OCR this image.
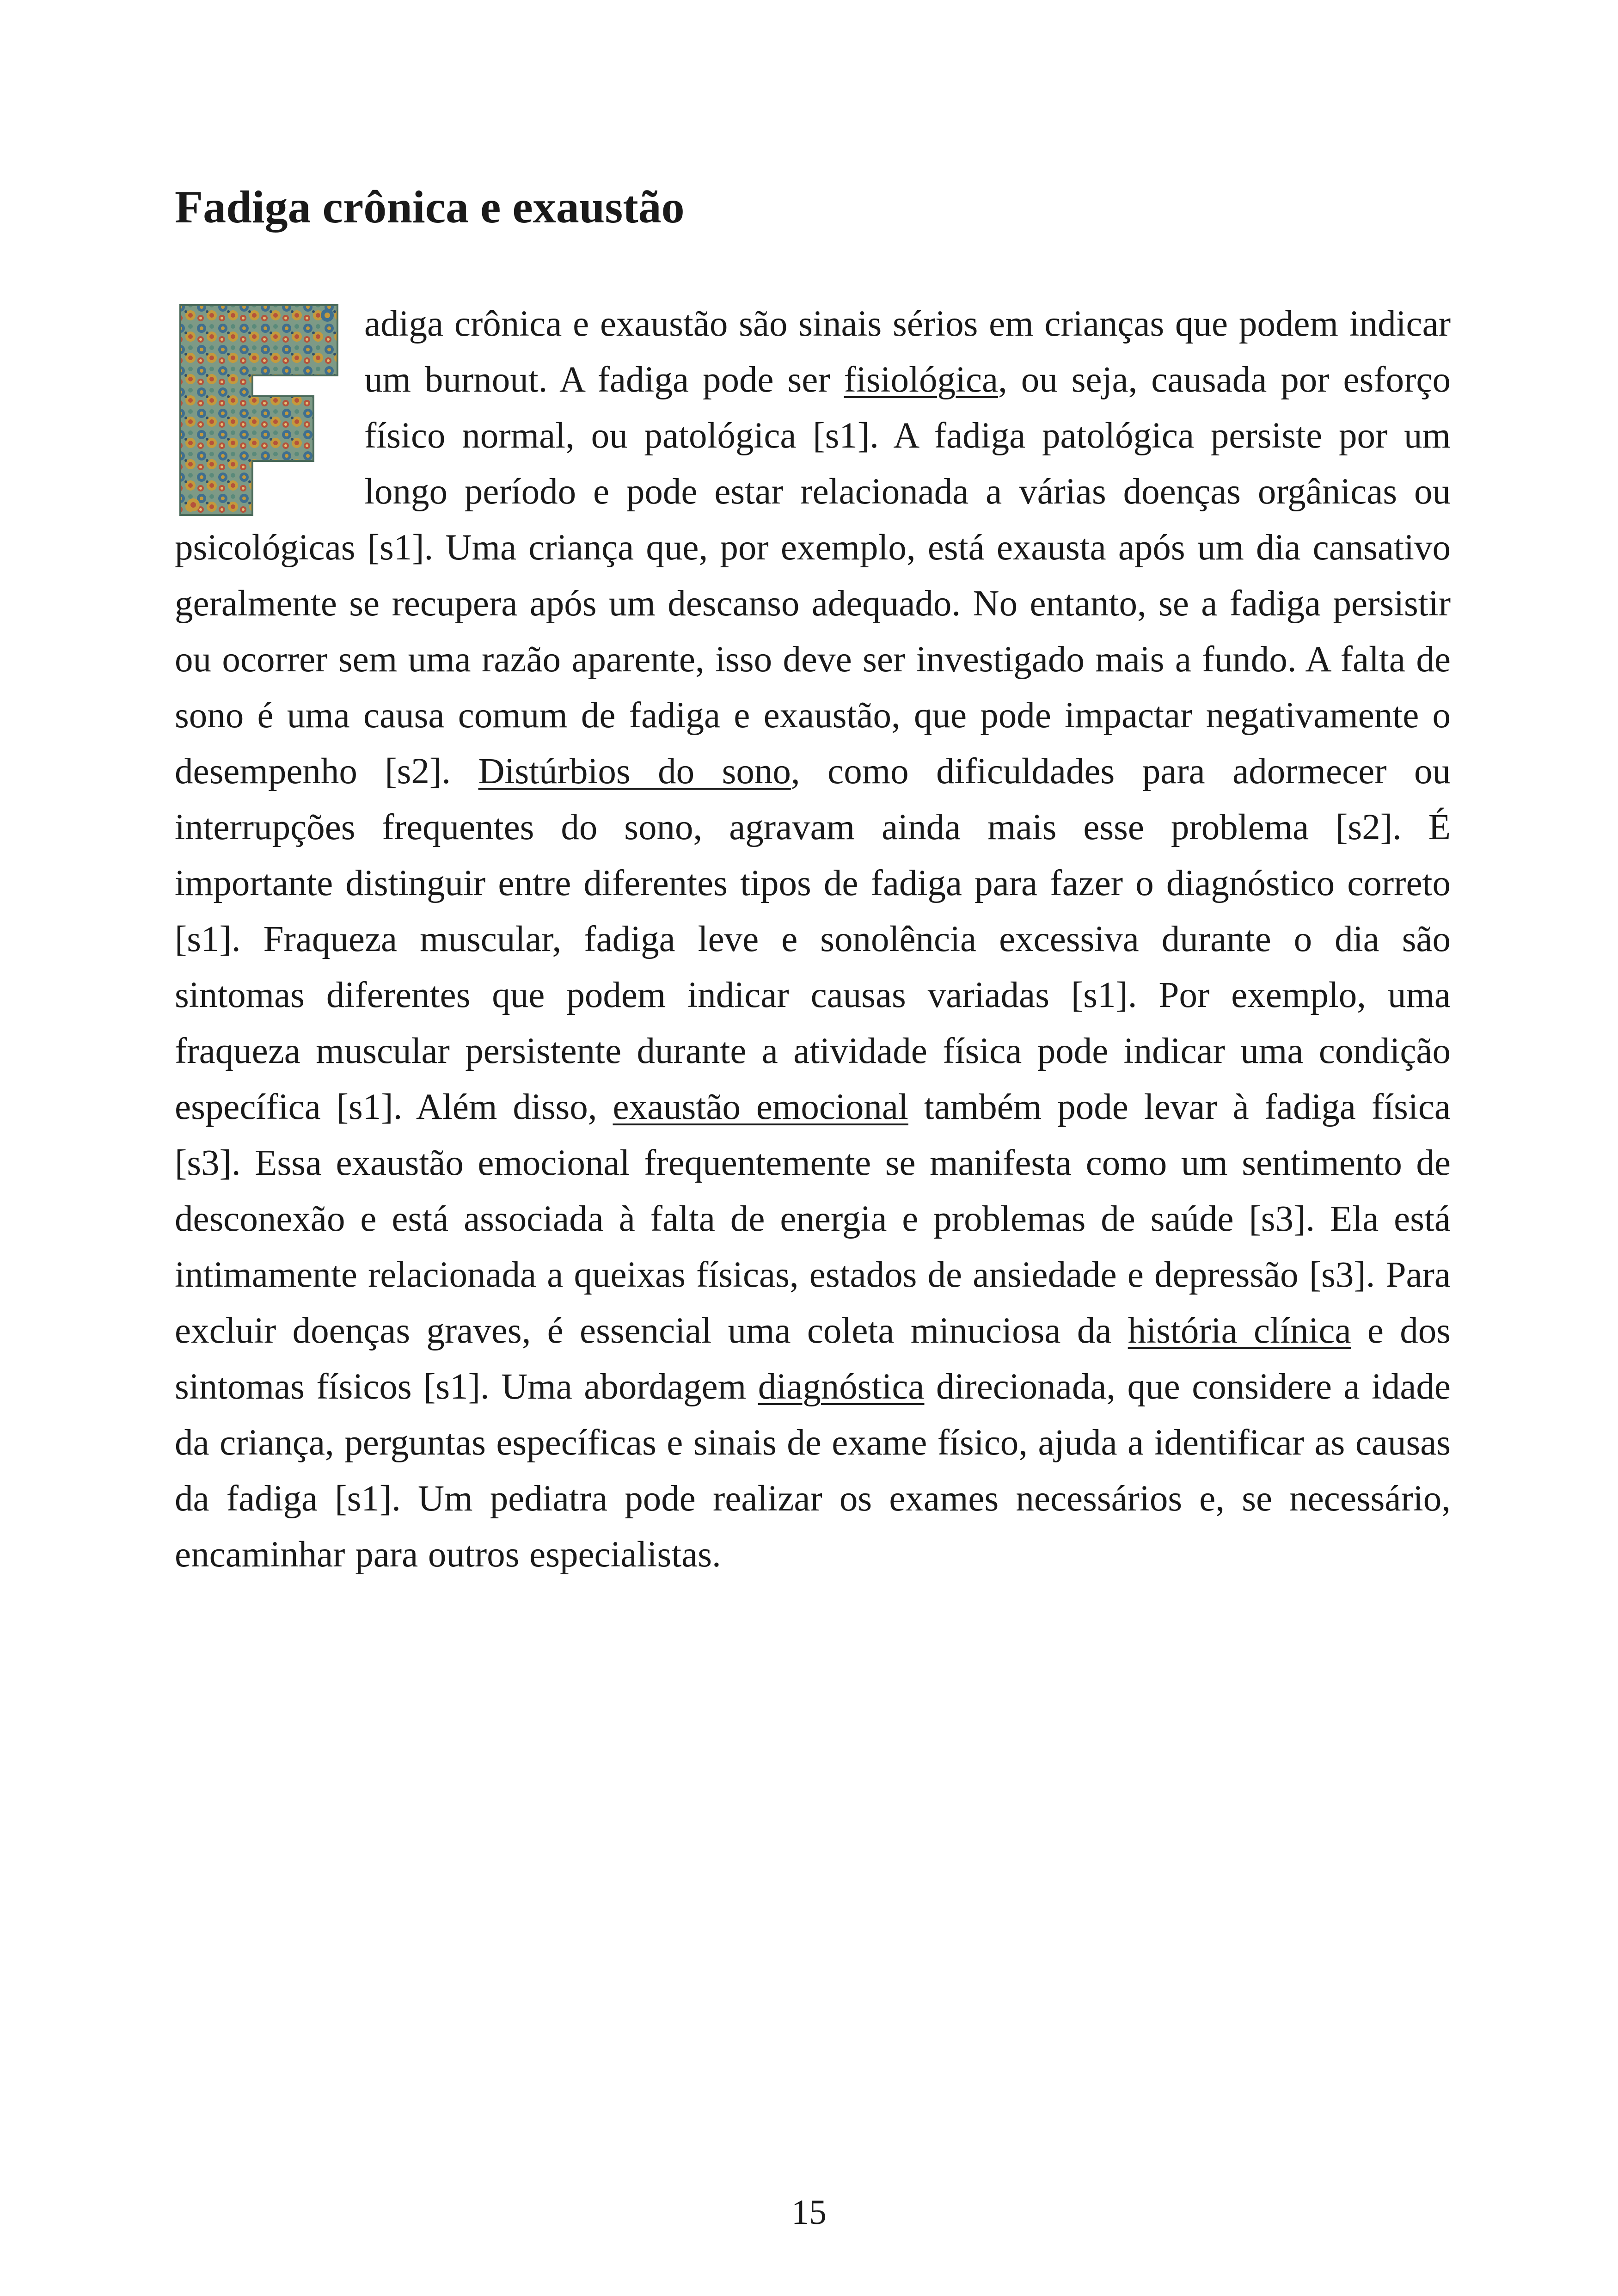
Fadiga crônica e exaustão

adiga crônica e exaustão são sinais sérios em crianças que podem indicar um burnout. A fadiga pode ser fisiológica, ou seja, causada por esforço físico normal, ou patológica [s1]. A fadiga patológica persiste por um longo período e pode estar relacionada a várias doenças orgânicas ou psicológicas [s1]. Uma criança que, por exemplo, está exausta após um dia cansativo geralmente se recupera após um descanso adequado. No entanto, se a fadiga persistir ou ocorrer sem uma razão aparente, isso deve ser investigado mais a fundo. A falta de sono é uma causa comum de fadiga e exaustão, que pode impactar negativamente o desempenho [s2]. Distúrbios do sono, como dificuldades para adormecer ou interrupções frequentes do sono, agravam ainda mais esse problema [s2]. É importante distinguir entre diferentes tipos de fadiga para fazer o diagnóstico correto [s1]. Fraqueza muscular, fadiga leve e sonolência excessiva durante o dia são sintomas diferentes que podem indicar causas variadas [s1]. Por exemplo, uma fraqueza muscular persistente durante a atividade física pode indicar uma condição específica [s1]. Além disso, exaustão emocional também pode levar à fadiga física [s3]. Essa exaustão emocional frequentemente se manifesta como um sentimento de desconexão e está associada à falta de energia e problemas de saúde [s3]. Ela está intimamente relacionada a queixas físicas, estados de ansiedade e depressão [s3]. Para excluir doenças graves, é essencial uma coleta minuciosa da história clínica e dos sintomas físicos [s1]. Uma abordagem diagnóstica direcionada, que considere a idade da criança, perguntas específicas e sinais de exame físico, ajuda a identificar as causas da fadiga [s1]. Um pediatra pode realizar os exames necessários e, se necessário, encaminhar para outros especialistas.

15
